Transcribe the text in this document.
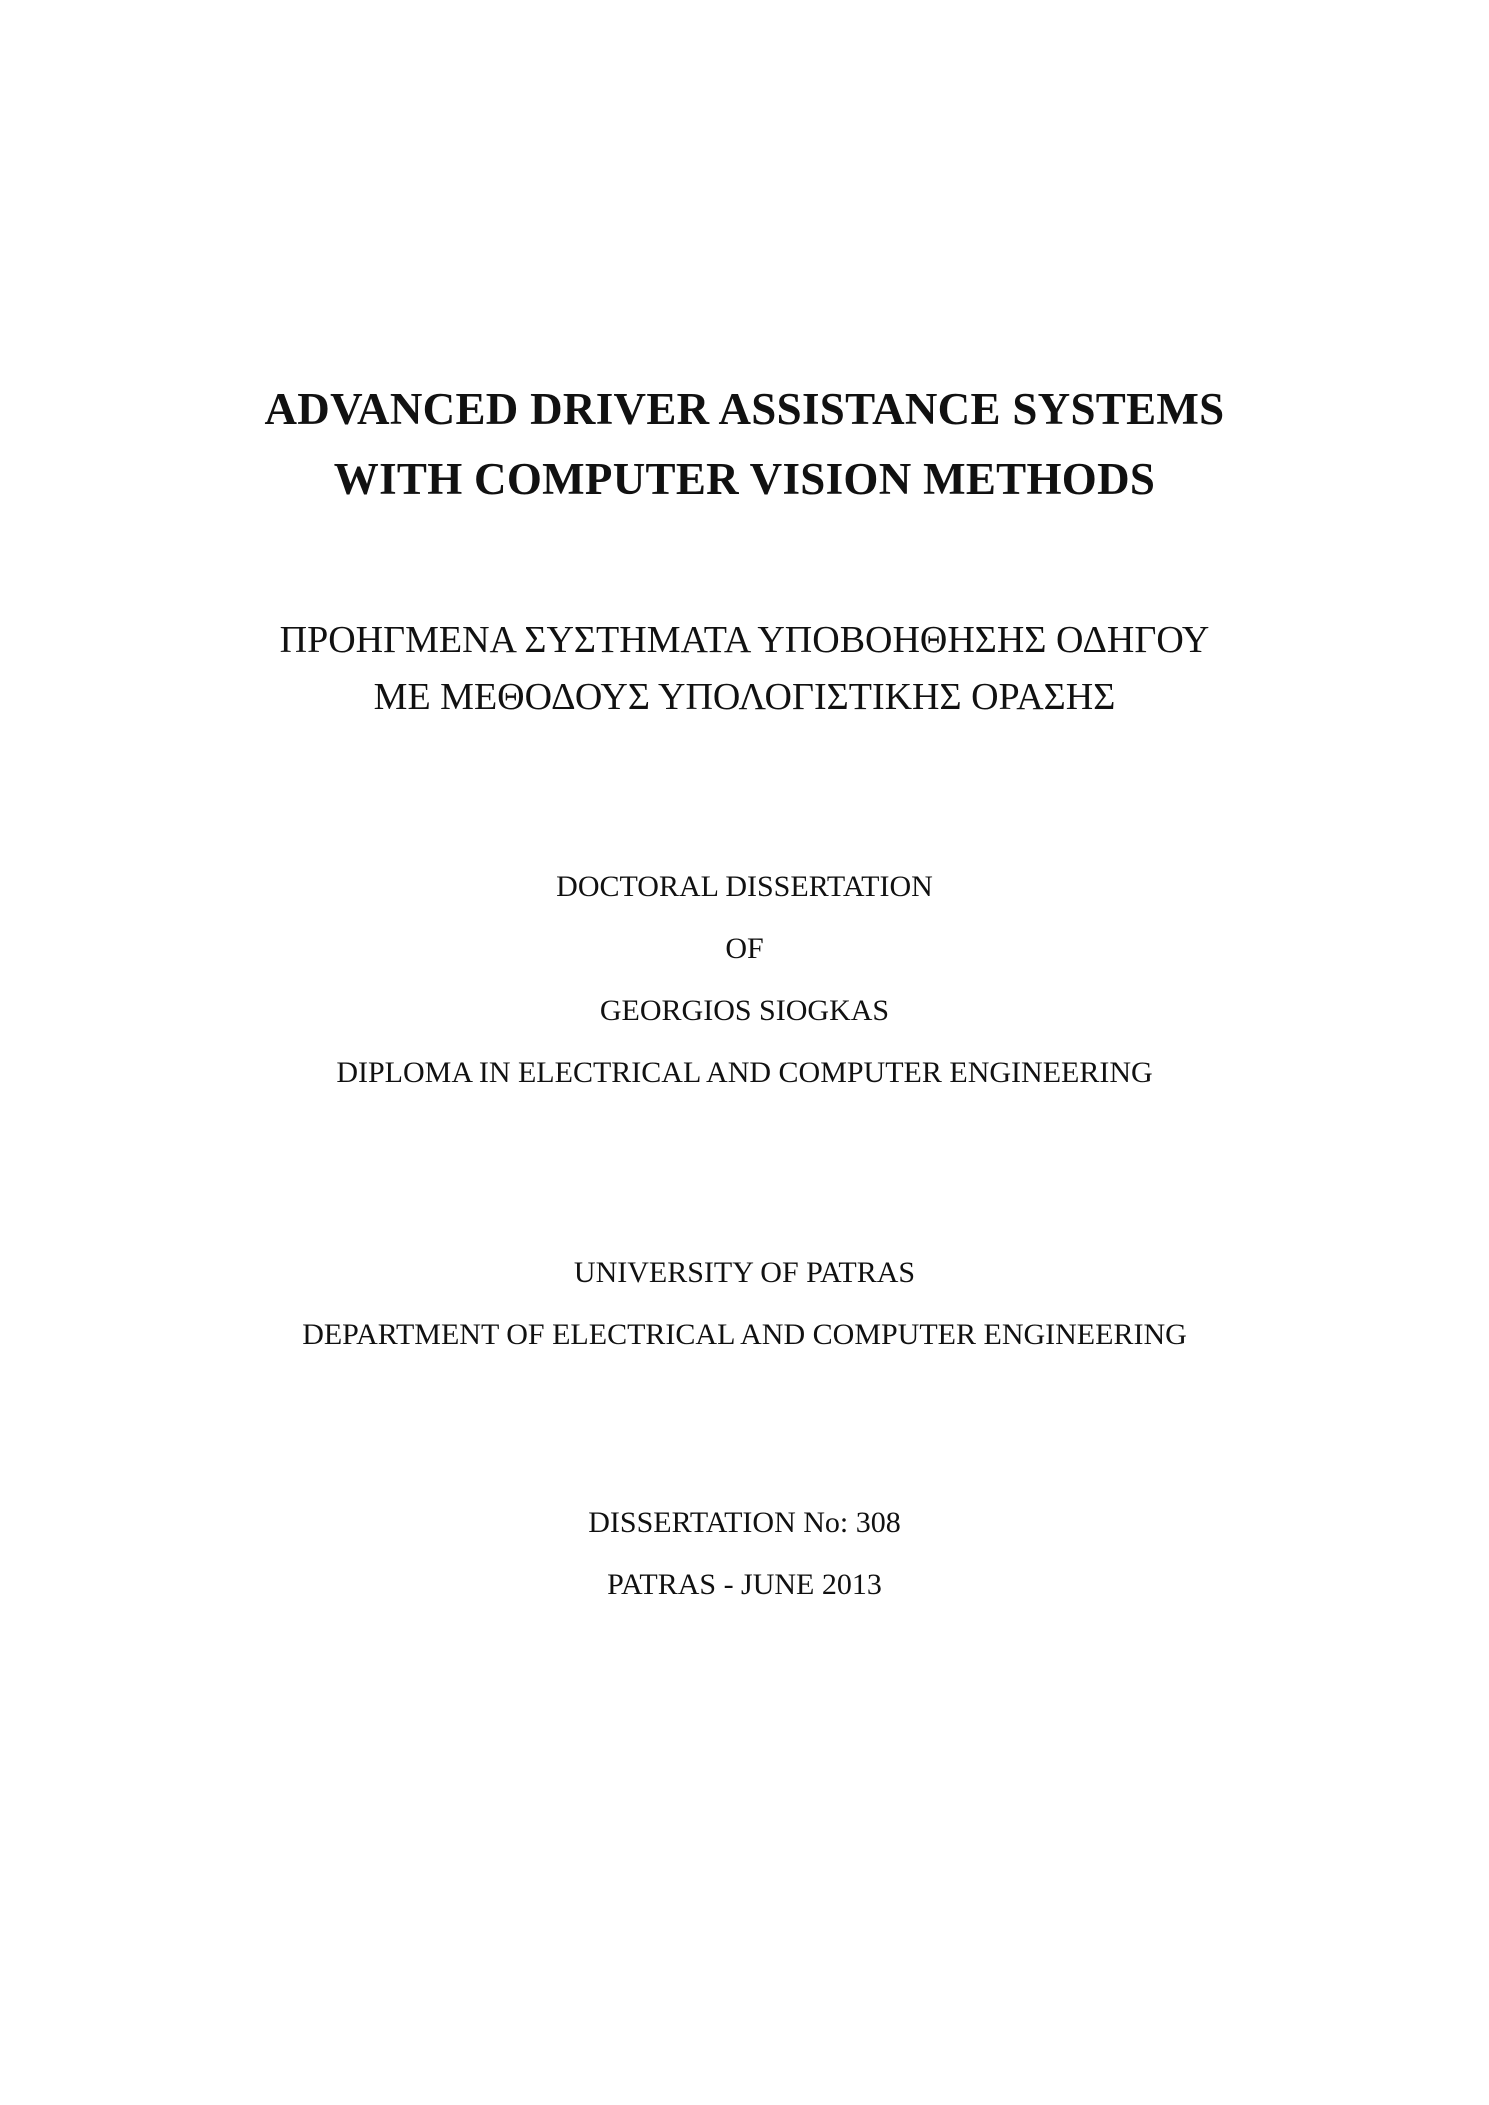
ADVANCED DRIVER ASSISTANCE SYSTEMS
WITH COMPUTER VISION METHODS

ΠΡΟΗΓΜΕΝΑ ΣΥΣΤΗΜΑΤΑ ΥΠΟΒΟΗΘΗΣΗΣ ΟΔΗΓΟΥ

ΜΕ ΜΕΘΟΔΟΥΣ ΥΠΟΛΟΓΙΣΤΙΚΗΣ ΟΡΑΣΗΣ

DOCTORAL DISSERTATION

OF

GEORGIOS SIOGKAS

DIPLOMA IN ELECTRICAL AND COMPUTER ENGINEERING

UNIVERSITY OF PATRAS

DEPARTMENT OF ELECTRICAL AND COMPUTER ENGINEERING

DISSERTATION No: 308

PATRAS - JUNE 2013
